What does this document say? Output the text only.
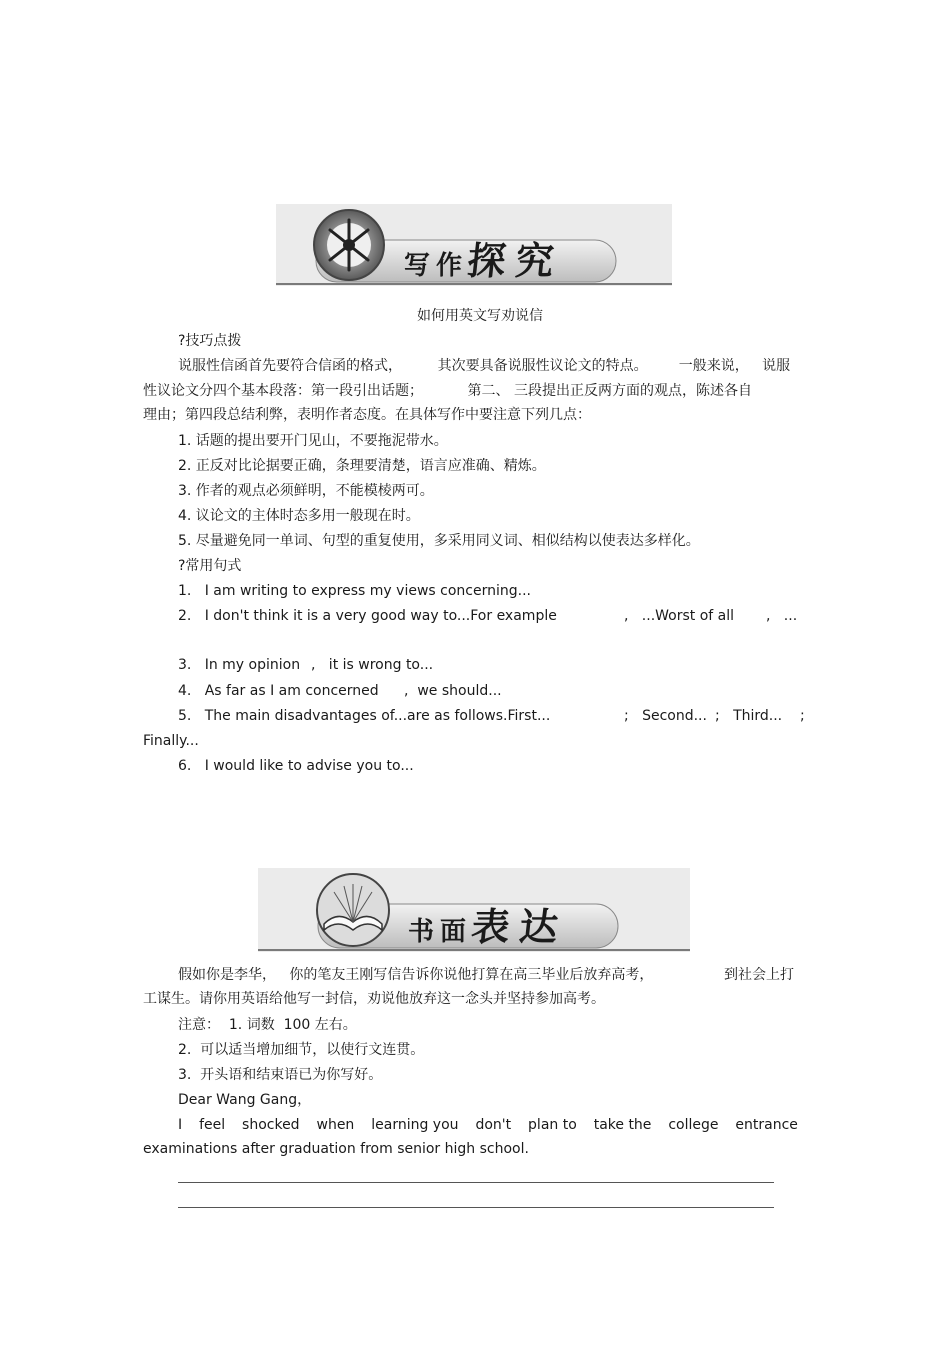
写 作 探 究
如何用英文写劝说信
?技巧点拨
说服性信函首先要符合信函的格式，        其次要具备说服性议论文的特点。       一般来说，   说服
性议论文分四个基本段落：第一段引出话题；          第二、 三段提出正反两方面的观点，陈述各自
理由；第四段总结利弊，表明作者态度。在具体写作中要注意下列几点：
1. 话题的提出要开门见山，不要拖泥带水。
2. 正反对比论据要正确，条理要清楚，语言应准确、精炼。
3. 作者的观点必须鲜明，不能模棱两可。
4. 议论文的主体时态多用一般现在时。
5. 尽量避免同一单词、句型的重复使用，多采用同义词、相似结构以使表达多样化。
?常用句式
1.   I am writing to express my views concerning...
2.   I don't think it is a very good way to...For example	,   ...Worst of all ,   ...
3.   In my opinion ,   it is wrong to...
4.   As far as I am concerned ,  we should...
5.   The main disadvantages of...are as follows.First...	;   Second... ;   Third... ;
Finally...
6.   I would like to advise you to...
书 面 表 达
假如你是李华，   你的笔友王刚写信告诉你说他打算在高三毕业后放弃高考，	到社会上打
工谋生。请你用英语给他写一封信，劝说他放弃这一念头并坚持参加高考。
注意：  1. 词数  100 左右。
2.  可以适当增加细节，以使行文连贯。
3.  开头语和结束语已为你写好。
Dear Wang Gang，
I feel shocked when learning you don't plan to take the college entrance
examinations after graduation from senior high school.
